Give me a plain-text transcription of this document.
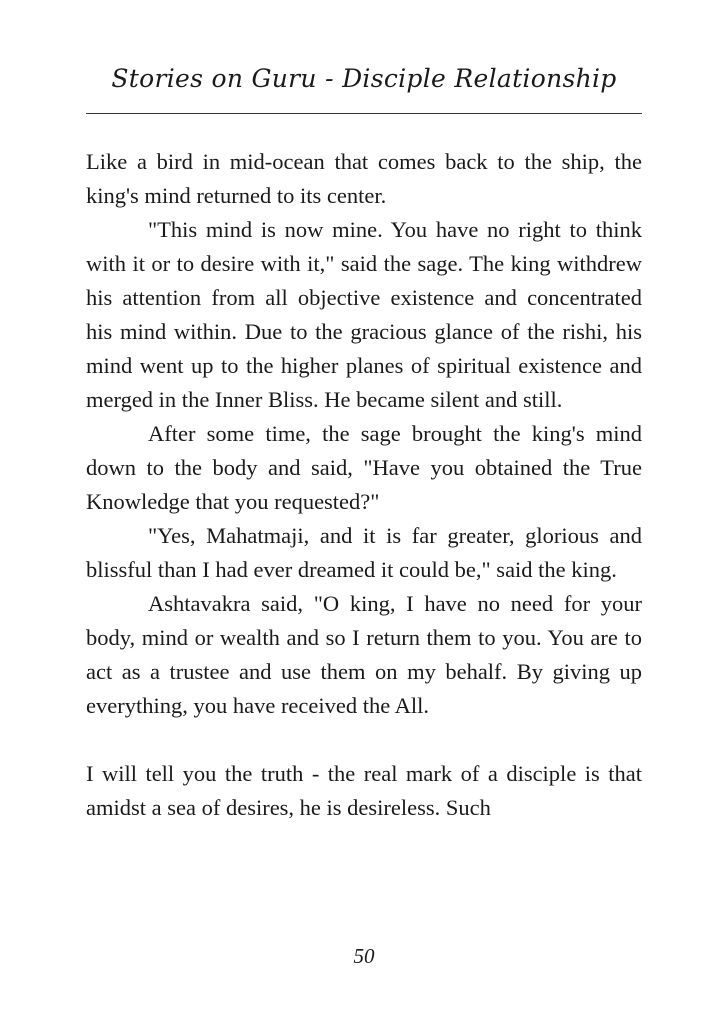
Stories on Guru - Disciple Relationship

Like a bird in mid-ocean that comes back to the ship, the king's mind returned to its center.

"This mind is now mine. You have no right to think with it or to desire with it," said the sage. The king withdrew his attention from all objective existence and concentrated his mind within. Due to the gracious glance of the rishi, his mind went up to the higher planes of spiritual existence and merged in the Inner Bliss. He became silent and still.

After some time, the sage brought the king's mind down to the body and said, "Have you obtained the True Knowledge that you requested?"

"Yes, Mahatmaji, and it is far greater, glorious and blissful than I had ever dreamed it could be," said the king.

Ashtavakra said, "O king, I have no need for your body, mind or wealth and so I return them to you. You are to act as a trustee and use them on my behalf. By giving up everything, you have received the All.

I will tell you the truth - the real mark of a disciple is that amidst a sea of desires, he is desireless. Such

50
